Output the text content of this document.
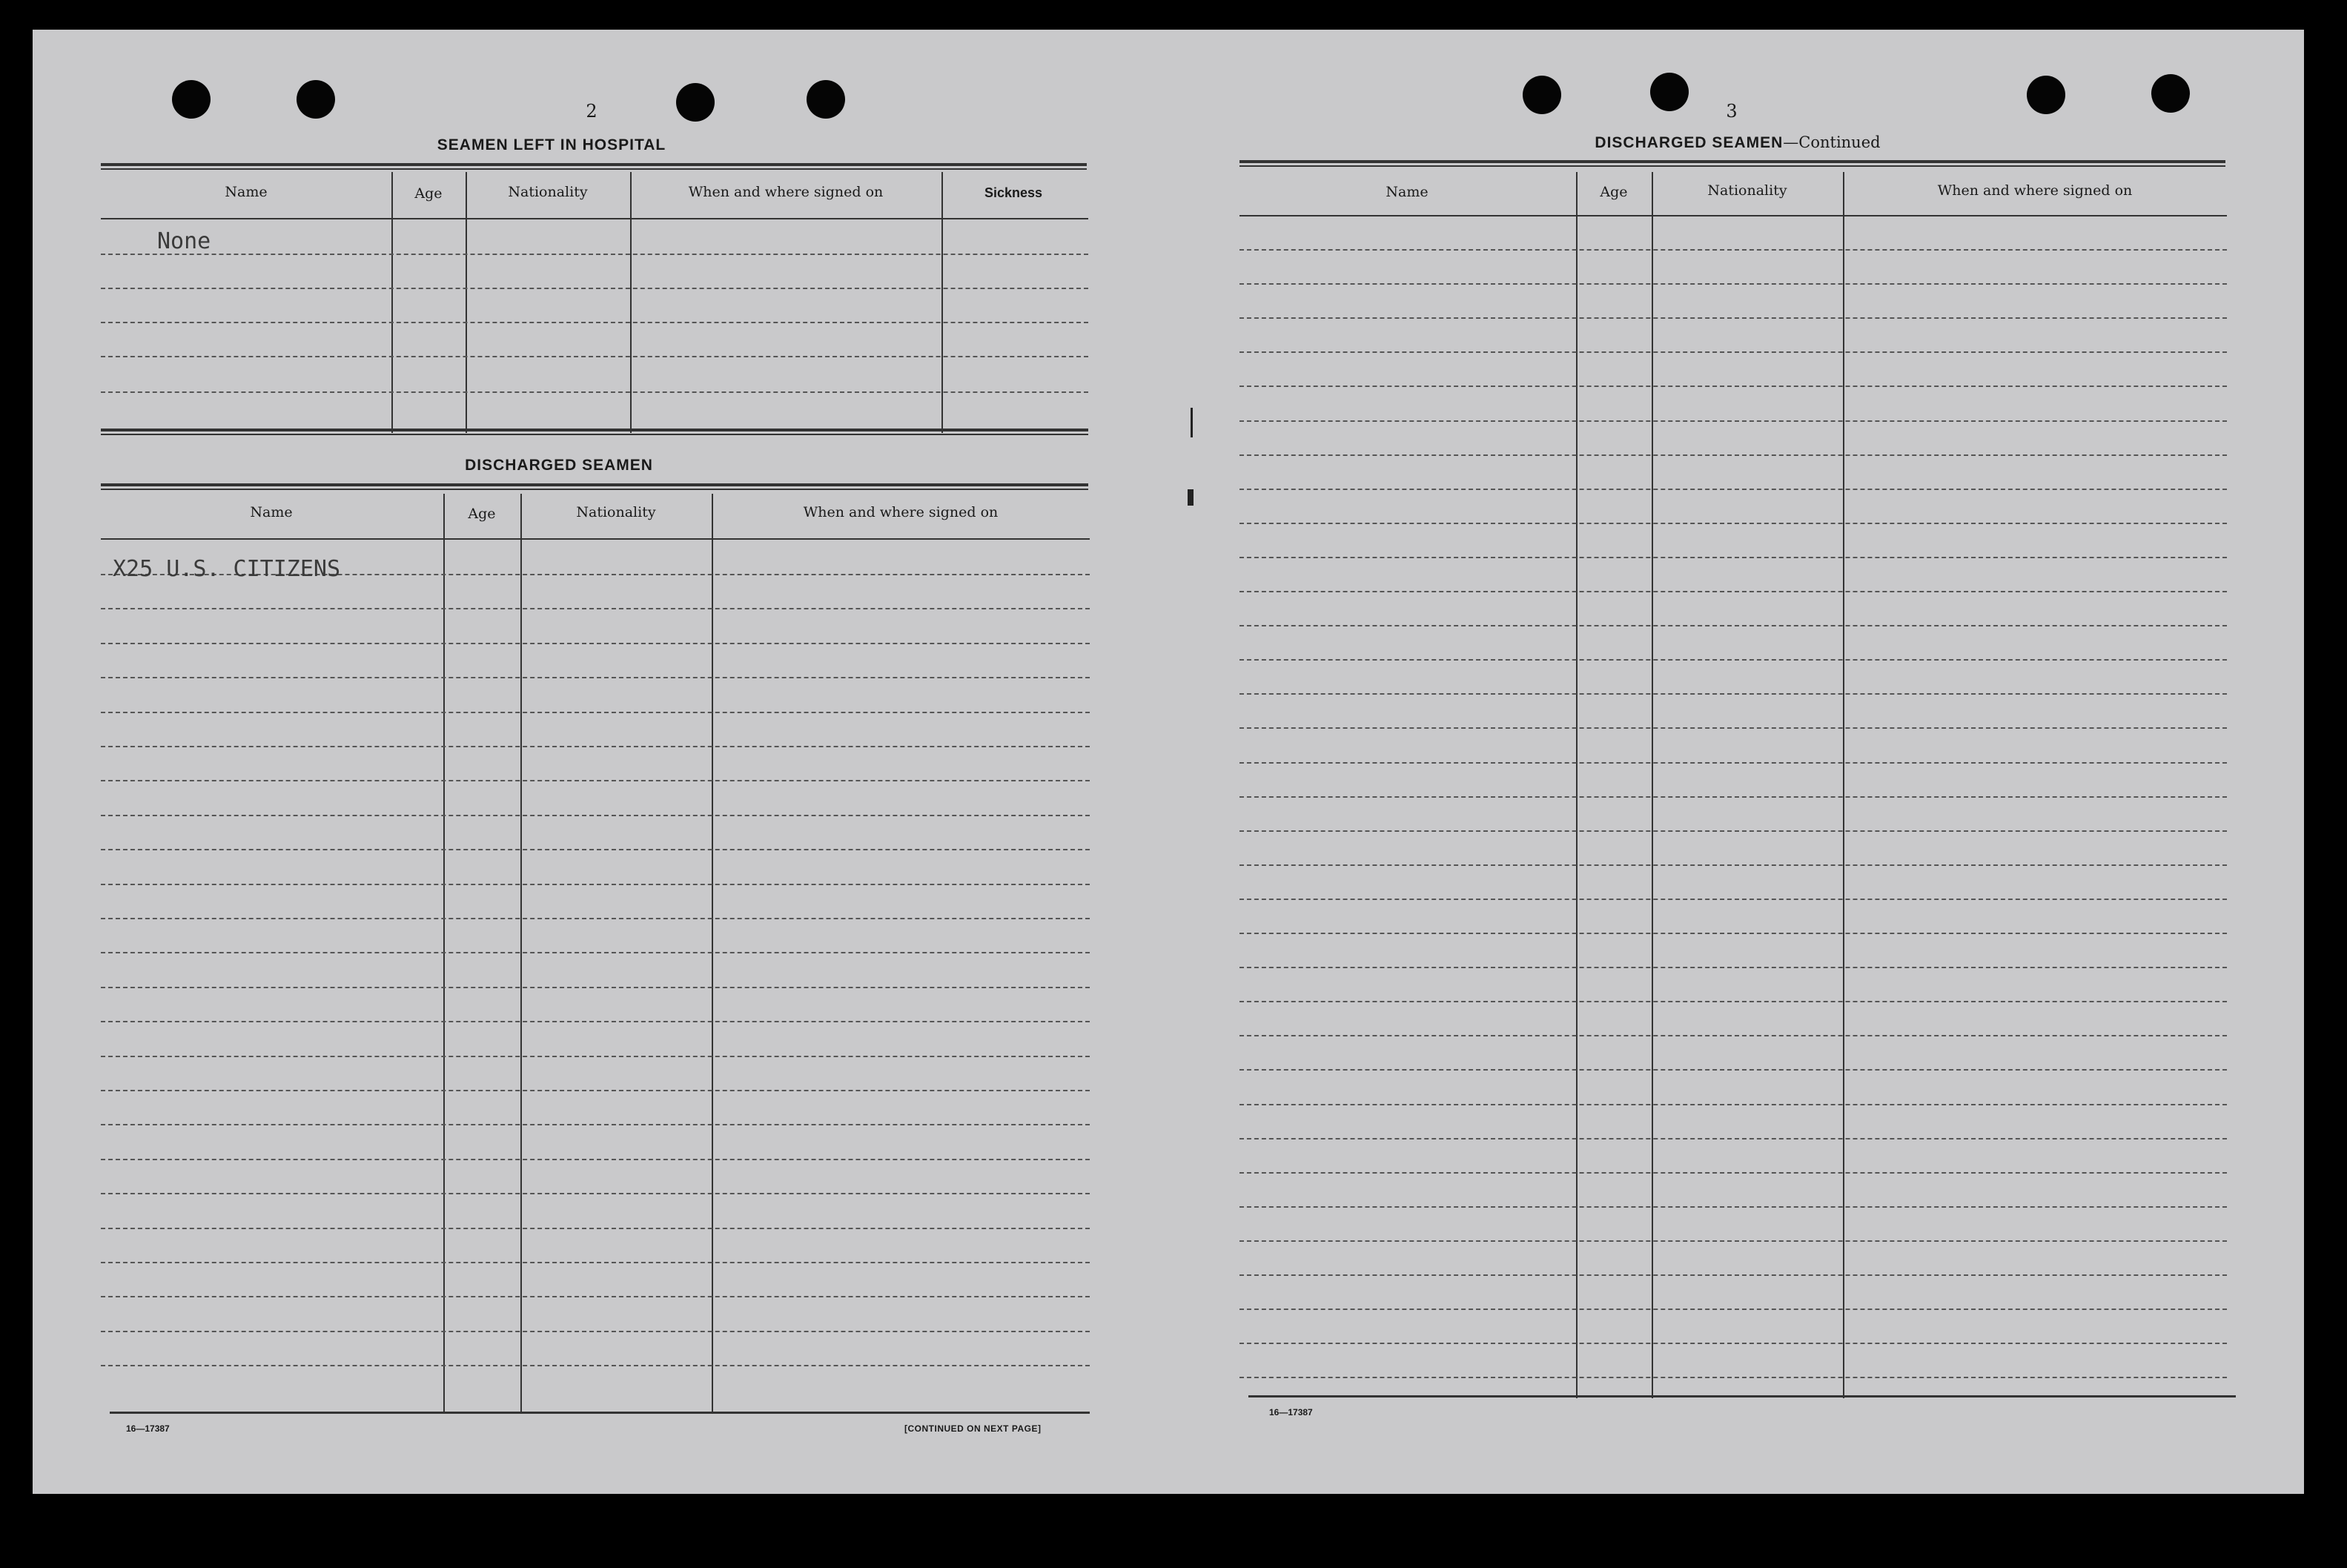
2
SEAMEN LEFT IN HOSPITAL
Name	Age	Nationality	When and where signed on	Sickness
None
DISCHARGED SEAMEN
Name	Age	Nationality	When and where signed on
X25 U.S. CITIZENS
16—17387	[CONTINUED ON NEXT PAGE]
3
DISCHARGED SEAMEN—Continued
Name	Age	Nationality	When and where signed on
16—17387
